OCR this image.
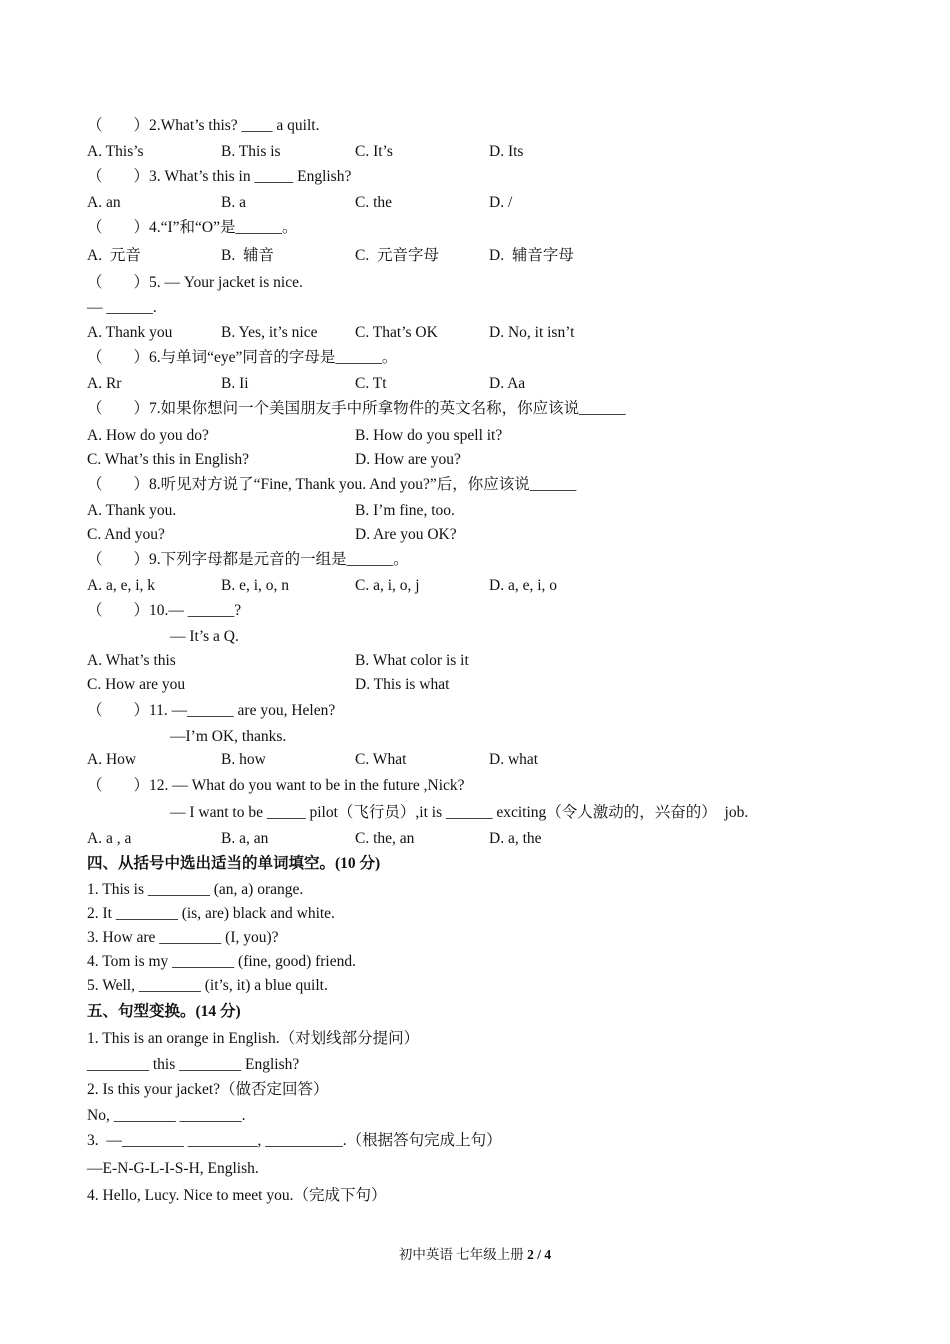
（        ）2.What’s this? ____ a quilt.
A. This’s	B. This is	C. It’s	D. Its
（        ）3. What’s this in _____ English?
A. an	B. a	C. the	D. /
（        ）4.“I”和“O”是______。
A.  元音	B.  辅音	C.  元音字母	D.  辅音字母
（        ）5. — Your jacket is nice.
— ______.
A. Thank you	B. Yes, it’s nice C. That’s OK	D. No, it isn’t
（        ）6.与单词“eye”同音的字母是______。
A. Rr	B. Ii	C. Tt	D. Aa
（        ）7.如果你想问一个美国朋友手中所拿物件的英文名称，你应该说______
A. How do you do?	B. How do you spell it?
C. What’s this in English?	D. How are you?
（        ）8.听见对方说了“Fine, Thank you. And you?”后，你应该说______
A. Thank you.	B. I’m fine, too.
C. And you?	D. Are you OK?
（        ）9.下列字母都是元音的一组是______。
A. a, e, i, k	B. e, i, o, n	C. a, i, o, j	D. a, e, i, o
（        ）10.— ______?
— It’s a Q.
A. What’s this	B. What color is it
C. How are you	D. This is what
（        ）11. —______ are you, Helen?
—I’m OK, thanks.
A. How	B. how	C. What	D. what
（        ）12. — What do you want to be in the future ,Nick?
— I want to be _____ pilot（飞行员）,it is ______ exciting（令人激动的，兴奋的）  job.
A. a , a	B. a, an	C. the, an	D. a, the
四、从括号中选出适当的单词填空。(10 分)
1. This is ________ (an, a) orange.
2. It ________ (is, are) black and white.
3. How are ________ (I, you)?
4. Tom is my ________ (fine, good) friend.
5. Well, ________ (it’s, it) a blue quilt.
五、句型变换。(14 分)
1. This is an orange in English.（对划线部分提问）
________ this ________ English?
2. Is this your jacket?（做否定回答）
No, ________ ________.
3.  —________ _________, __________.（根据答句完成上句）
—E-N-G-L-I-S-H, English.
4. Hello, Lucy. Nice to meet you.（完成下句）
初中英语 七年级上册 2 / 4
